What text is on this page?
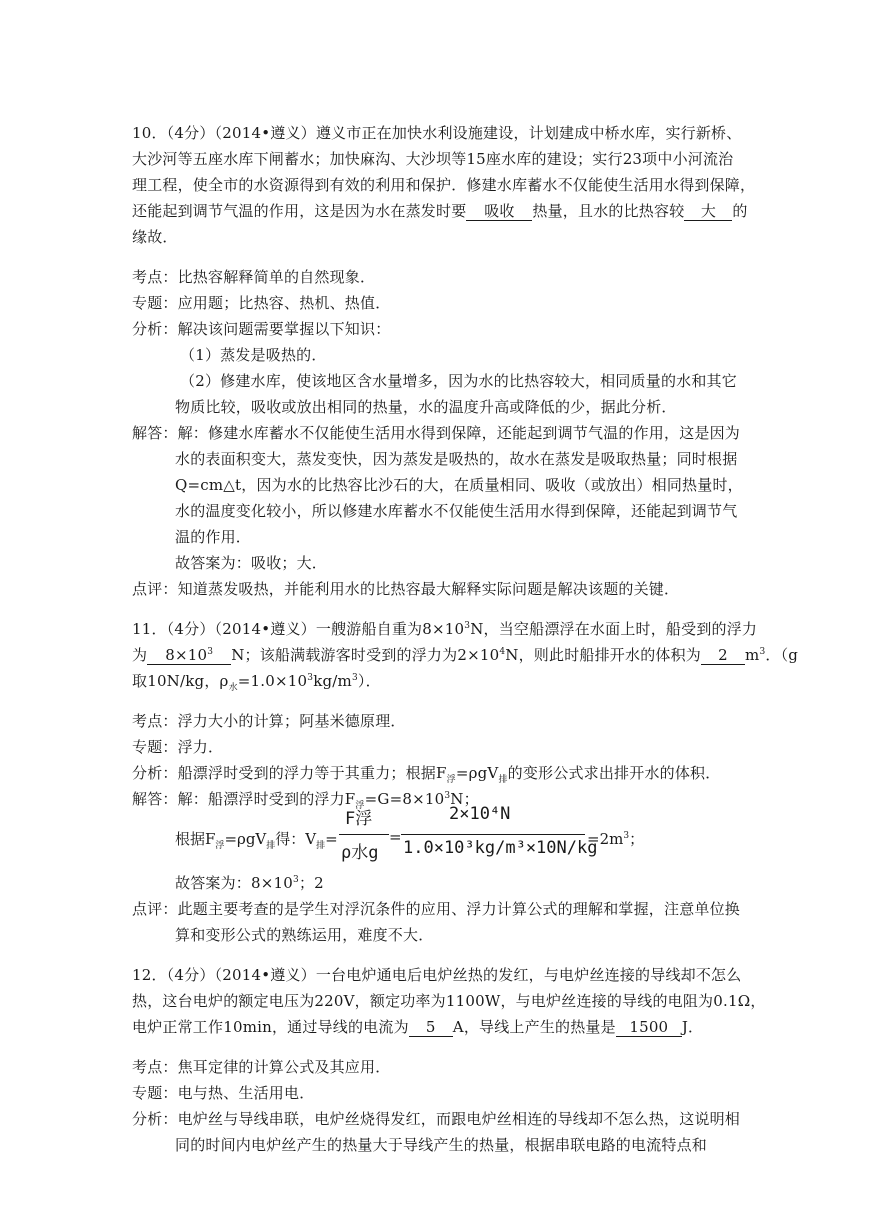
10．（4分）（2014•遵义）遵义市正在加快水利设施建设，计划建成中桥水库，实行新桥、
大沙河等五座水库下闸蓄水；加快麻沟、大沙坝等15座水库的建设；实行23项中小河流治
理工程，使全市的水资源得到有效的利用和保护．修建水库蓄水不仅能使生活用水得到保障，
还能起到调节气温的作用，这是因为水在蒸发时要 吸收 热量，且水的比热容较 大 的
缘故．
考点：比热容解释简单的自然现象．
专题：应用题；比热容、热机、热值．
分析：解决该问题需要掌握以下知识：
（1）蒸发是吸热的．
（2）修建水库，使该地区含水量增多，因为水的比热容较大，相同质量的水和其它
物质比较，吸收或放出相同的热量，水的温度升高或降低的少，据此分析．
解答：解：修建水库蓄水不仅能使生活用水得到保障，还能起到调节气温的作用，这是因为
水的表面积变大，蒸发变快，因为蒸发是吸热的，故水在蒸发是吸取热量；同时根据
Q=cm△t，因为水的比热容比沙石的大，在质量相同、吸收（或放出）相同热量时，
水的温度变化较小，所以修建水库蓄水不仅能使生活用水得到保障，还能起到调节气
温的作用．
故答案为：吸收；大．
点评：知道蒸发吸热，并能利用水的比热容最大解释实际问题是解决该题的关键．
11．（4分）（2014•遵义）一艘游船自重为$8\times 10^3N$，当空船漂浮在水面上时，船受到的浮力
为 $8\times 10^3$ N；该船满载游客时受到的浮力为$2\times 10^4N$，则此时船排开水的体积为 2 $m^3$．（g
取10N/kg，$\rho_水=1.0\times 10^3kg/m^3$）．
考点：浮力大小的计算；阿基米德原理．
专题：浮力．
分析：船漂浮时受到的浮力等于其重力；根据$F_浮=\rho gV_排$的变形公式求出排开水的体积．
解答：解：船漂浮时受到的浮力$F_浮=G=8\times 10^3N$；
根据$F_浮=\rho gV_排$得：$V_排=$
F浮
ρ水g
=
2×10⁴N
1.0×10³kg/m³×10N/kg
$=2m^3$；
故答案为：$8\times 10^3$；2
点评：此题主要考查的是学生对浮沉条件的应用、浮力计算公式的理解和掌握，注意单位换
算和变形公式的熟练运用，难度不大．
12．（4分）（2014•遵义）一台电炉通电后电炉丝热的发红，与电炉丝连接的导线却不怎么
热，这台电炉的额定电压为220V，额定功率为1100W，与电炉丝连接的导线的电阻为0.1Ω，
电炉正常工作10min，通过导线的电流为 5 A，导线上产生的热量是 1500 J．
考点：焦耳定律的计算公式及其应用．
专题：电与热、生活用电．
分析：电炉丝与导线串联，电炉丝烧得发红，而跟电炉丝相连的导线却不怎么热，这说明相
同的时间内电炉丝产生的热量大于导线产生的热量，根据串联电路的电流特点和
